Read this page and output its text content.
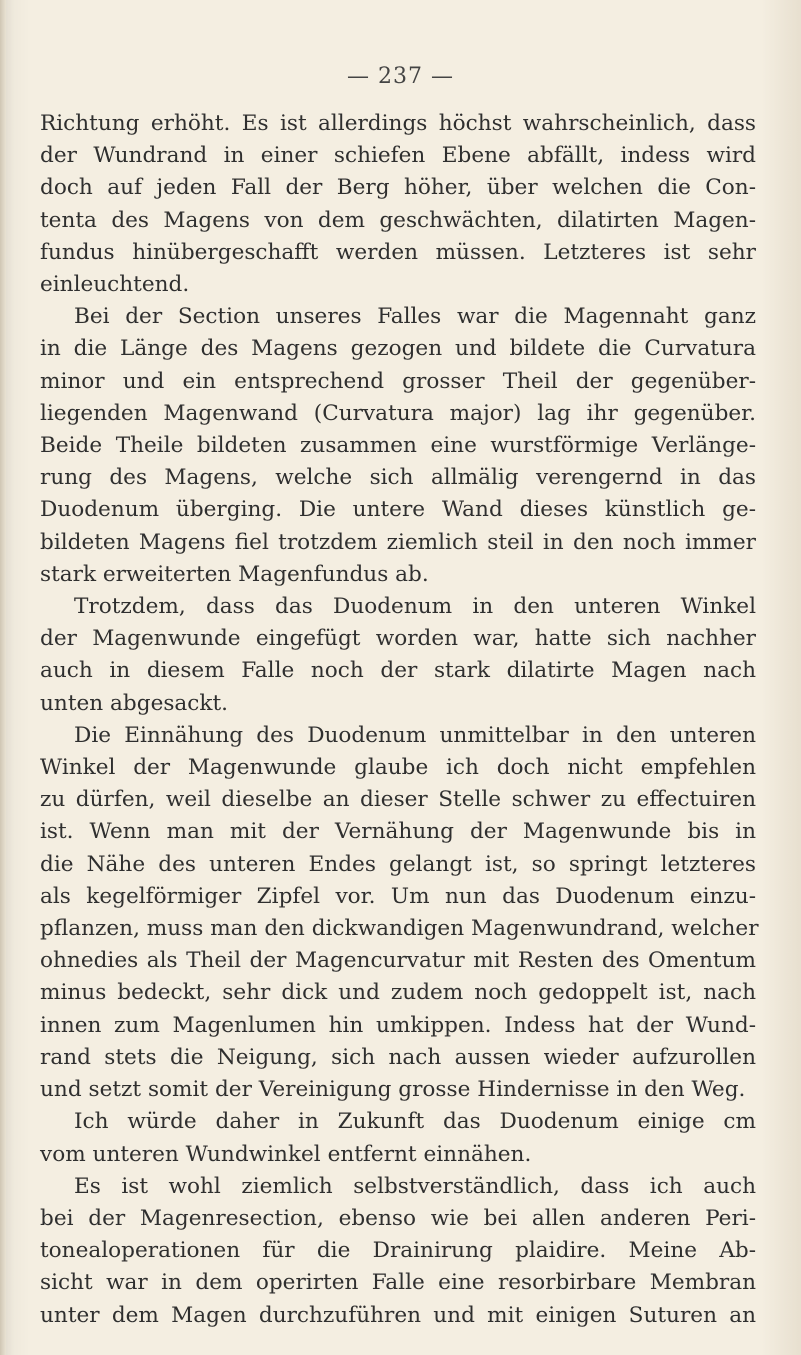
— 237 —
Richtung erhöht. Es ist allerdings höchst wahrscheinlich, dass
der Wundrand in einer schiefen Ebene abfällt, indess wird
doch auf jeden Fall der Berg höher, über welchen die Con-
tenta des Magens von dem geschwächten, dilatirten Magen-
fundus hinübergeschafft werden müssen. Letzteres ist sehr
einleuchtend.
Bei der Section unseres Falles war die Magennaht ganz
in die Länge des Magens gezogen und bildete die Curvatura
minor und ein entsprechend grosser Theil der gegenüber-
liegenden Magenwand (Curvatura major) lag ihr gegenüber.
Beide Theile bildeten zusammen eine wurstförmige Verlänge-
rung des Magens, welche sich allmälig verengernd in das
Duodenum überging. Die untere Wand dieses künstlich ge-
bildeten Magens fiel trotzdem ziemlich steil in den noch immer
stark erweiterten Magenfundus ab.
Trotzdem, dass das Duodenum in den unteren Winkel
der Magenwunde eingefügt worden war, hatte sich nachher
auch in diesem Falle noch der stark dilatirte Magen nach
unten abgesackt.
Die Einnähung des Duodenum unmittelbar in den unteren
Winkel der Magenwunde glaube ich doch nicht empfehlen
zu dürfen, weil dieselbe an dieser Stelle schwer zu effectuiren
ist. Wenn man mit der Vernähung der Magenwunde bis in
die Nähe des unteren Endes gelangt ist, so springt letzteres
als kegelförmiger Zipfel vor. Um nun das Duodenum einzu-
pflanzen, muss man den dickwandigen Magenwundrand, welcher
ohnedies als Theil der Magencurvatur mit Resten des Omentum
minus bedeckt, sehr dick und zudem noch gedoppelt ist, nach
innen zum Magenlumen hin umkippen. Indess hat der Wund-
rand stets die Neigung, sich nach aussen wieder aufzurollen
und setzt somit der Vereinigung grosse Hindernisse in den Weg.
Ich würde daher in Zukunft das Duodenum einige cm
vom unteren Wundwinkel entfernt einnähen.
Es ist wohl ziemlich selbstverständlich, dass ich auch
bei der Magenresection, ebenso wie bei allen anderen Peri-
tonealoperationen für die Drainirung plaidire. Meine Ab-
sicht war in dem operirten Falle eine resorbirbare Membran
unter dem Magen durchzuführen und mit einigen Suturen an
